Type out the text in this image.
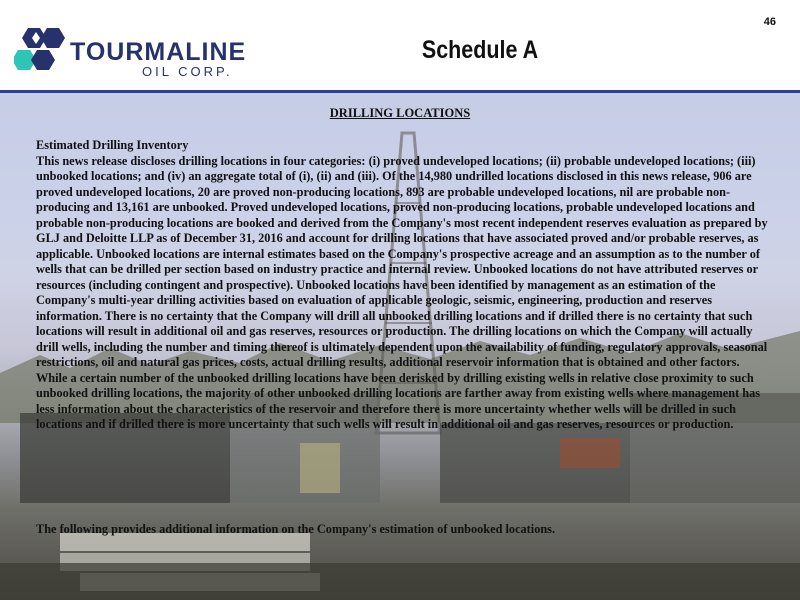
TOURMALINE
OIL CORP.
46
Schedule A
DRILLING LOCATIONS

Estimated Drilling Inventory

This news release discloses drilling locations in four categories: (i) proved undeveloped locations; (ii) probable undeveloped locations; (iii) unbooked locations; and (iv) an aggregate total of (i), (ii) and (iii). Of the 14,980 undrilled locations disclosed in this news release, 906 are proved undeveloped locations, 20 are proved non-producing locations, 893 are probable undeveloped locations, nil are probable non-producing and 13,161 are unbooked. Proved undeveloped locations, proved non-producing locations, probable undeveloped locations and probable non-producing locations are booked and derived from the Company's most recent independent reserves evaluation as prepared by GLJ and Deloitte LLP as of December 31, 2016 and account for drilling locations that have associated proved and/or probable reserves, as applicable. Unbooked locations are internal estimates based on the Company's prospective acreage and an assumption as to the number of wells that can be drilled per section based on industry practice and internal review. Unbooked locations do not have attributed reserves or resources (including contingent and prospective). Unbooked locations have been identified by management as an estimation of the Company's multi-year drilling activities based on evaluation of applicable geologic, seismic, engineering, production and reserves information. There is no certainty that the Company will drill all unbooked drilling locations and if drilled there is no certainty that such locations will result in additional oil and gas reserves, resources or production. The drilling locations on which the Company will actually drill wells, including the number and timing thereof is ultimately dependent upon the availability of funding, regulatory approvals, seasonal restrictions, oil and natural gas prices, costs, actual drilling results, additional reservoir information that is obtained and other factors. While a certain number of the unbooked drilling locations have been derisked by drilling existing wells in relative close proximity to such unbooked drilling locations, the majority of other unbooked drilling locations are farther away from existing wells where management has less information about the characteristics of the reservoir and therefore there is more uncertainty whether wells will be drilled in such locations and if drilled there is more uncertainty that such wells will result in additional oil and gas reserves, resources or production.

The following provides additional information on the Company's estimation of unbooked locations.
